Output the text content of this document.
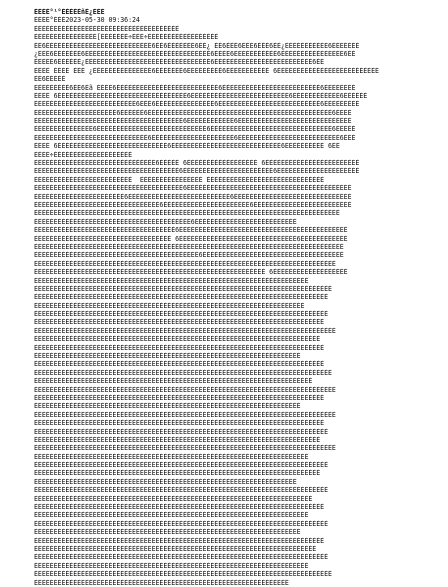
ÈÈÈÈ​°¹°ÈÈÈÈÈñÈ¿ÈÈÈ
ÈÈÈÈ​°ÈÈÈ2023-05-30 09:36:24
ÈÈÈÈÈÈÈÈÈÈÈÈÈÈÈÈÈÈÈÈÈÈÈÈÈÈÈÈÈÈÈÈÈÈÈÈÈ
ÈÈÈÈÈÈÈÈÈÈÈÈÈÈÈÈ[ÈÈÈÈÈÈÈ÷ÈÈÈ÷ÈÈÈÈÈÈÈÈÈÈÈÈÈÈÈÈÈÈ
ÈÈ6ÈÈÈÈÈÈÈÈÈÈÈÈÈÈÈÈÈÈÈÈÈÈÈÈÈÈÈ6ÈÈ6ÈÈÈÈÈÈÈ6ÈÈ¿ ÈÈ6ÈÈÈ6ÈÈÈ6ÈÈÈ6ÈÈ¿ÈÈÈÈÈÈÈÈÈÈÈ6ÈÈÈÈÈÈÈ
¿ÈÈÈ6ÈÈÈÈÈÈÈ6ÈÈÈÈÈÈÈÈÈÈÈÈÈÈÈÈÈÈÈÈÈÈÈÈÈÈÈÈÈÈÈÈ6ÈÈÈÈ6ÈÈÈÈÈÈÈÈÈÈÈ6ÈÈÈÈÈÈÈÈÈÈÈÈÈÈÈÈ6ÈÈ
ÈÈÈÈÈ6ÈÈÈÈÈÈ¿ÈÈÈÈÈÈÈÈÈÈÈÈÈÈÈÈÈÈÈÈÈÈÈÈÈÈÈÈÈÈÈÈ6ÈÈÈÈÈÈÈÈÈÈÈÈÈÈÈÈÈÈÈÈÈÈÈÈÈ6ÈÈ
ÈÈÈÈ ÈÈÈÈ ÈÈÈ ¿ÈÈÈÈÈÈÈÈÈÈÈÈÈÈÈ6ÈÈÈÈÈÈÈ6ÈÈÈÈÈÈÈÈÈ6ÈÈÈÈÈÈÈÈÈÈÈ 6ÈÈÈÈÈÈÈÈÈÈÈÈÈÈÈÈÈÈÈÈÈÈÈÈÈÈ
ÈÈ6ÈÈÈÈÈ
ÈÈÈÈÈÈÈÈÈ6ÈÈ6Èã ÈÈÈÈ6ÈÈÈÈÈÈÈÈÈÈÈÈÈÈÈÈÈÈÈÈÈÈÈÈÈÈ6ÈÈÈÈÈÈÈÈÈÈÈÈÈÈÈÈÈÈÈÈÈÈÈÈÈ6ÈÈÈÈÈÈÈÈ
ÈÈÈÈ 6ÈÈÈÈÈÈÈÈÈÈÈÈÈÈÈÈÈÈÈÈÈÈÈÈÈÈÈÈÈÈÈÈÈ6ÈÈÈÈÈÈÈÈÈÈÈÈÈÈÈÈÈÈÈÈÈÈÈÈÈ6ÈÈÈÈÈÈÈÈÈÈÈÈ6ÈÈÈÈÈÈ
ÈÈÈÈÈÈÈÈÈÈÈÈÈÈÈÈÈÈÈÈÈÈÈÈÈÈ6ÈÈÈ6ÈÈÈÈÈÈÈÈÈÈÈÈÈÈÈ6ÈÈÈÈÈÈÈÈÈÈÈÈÈÈÈÈÈÈÈÈÈÈÈÈÈÈ6ÈÈÈÈÈÈÈÈÈ
ÈÈÈÈÈÈÈÈÈÈÈÈÈÈÈÈÈÈÈÈÈ6ÈÈÈÈÈÈ6ÈÈÈÈÈÈÈÈÈÈÈÈÈÈÈÈÈÈÈÈÈÈÈÈÈÈÈÈÈÈÈÈÈÈÈÈÈÈÈÈÈÈÈÈÈÈÈ6ÈÈÈÈ
ÈÈÈÈÈÈÈÈÈÈÈÈÈÈÈÈÈÈÈÈÈÈÈÈÈÈÈÈÈÈÈÈÈÈÈÈÈÈ6ÈÈÈÈÈÈÈÈÈÈÈÈ6ÈÈÈÈÈÈÈÈÈÈÈÈÈÈÈÈÈÈÈÈÈÈÈÈÈÈÈÈÈ
ÈÈÈÈÈÈÈÈÈÈÈÈÈÈÈ6ÈÈÈÈÈÈÈÈÈÈÈÈÈÈÈÈÈÈÈÈÈÈÈÈÈÈÈÈ6ÈÈÈÈÈÈÈÈÈÈÈÈÈÈÈÈÈÈÈÈÈÈÈÈÈÈÈÈÈÈÈ6ÈÈÈÈÈ
ÈÈÈÈÈÈÈÈÈÈÈÈÈÈÈÈÈÈÈÈÈÈÈÈÈÈÈÈÈ6ÈÈÈÈÈÈÈÈÈÈÈÈÈÈÈÈÈÈÈÈÈ6ÈÈÈÈÈÈÈÈÈÈÈÈÈÈÈÈÈÈÈÈÈÈÈÈÈÈ6ÈÈÈ
ÈÈÈÈ 6ÈÈÈÈÈÈÈÈÈÈÈÈÈÈÈÈÈÈÈÈÈÈÈÈÈÈÈÈ6ÈÈÈÈÈÈÈÈÈÈÈÈÈÈÈÈÈÈÈÈÈÈÈÈÈÈÈÈ6ÈÈÈÈÈÈÈÈÈÈ 6ÈÈ
ÈÈÈÈ÷ÈÈÈÈÈÈÈÈÈÈÈÈÈÈÈÈÈÈÈÈ
ÈÈÈÈÈÈÈÈÈÈÈÈÈÈÈÈÈÈÈÈÈÈÈÈÈÈÈÈÈÈÈ6ÈÈÈÈÈ 6ÈÈÈÈÈÈÈÈÈÈÈÈÈÈÈÈÈÈ 6ÈÈÈÈÈÈÈÈÈÈÈÈÈÈÈÈÈÈÈÈÈÈÈÈ
ÈÈÈÈÈÈÈÈÈÈÈÈÈÈÈÈÈÈÈÈÈÈÈÈÈÈÈÈÈÈÈÈÈÈÈÈÈ6ÈÈÈÈÈÈÈÈÈÈÈÈÈÈÈÈÈÈÈÈÈÈÈ6ÈÈÈÈÈÈÈÈÈÈÈÈÈÈÈÈÈÈÈÈÈ
ÈÈÈÈÈÈÈÈÈÈÈÈÈÈÈÈÈÈÈÈÈÈÈÈÈ  ÈÈÈÈÈÈÈÈÈÈÈÈÈÈÈÈ ÈÈÈÈÈÈÈÈÈÈÈÈÈÈÈÈÈÈÈÈÈÈÈÈÈÈÈÈÈÈ
ÈÈÈÈÈÈÈÈÈÈÈÈÈÈÈÈÈÈÈÈÈÈÈÈÈÈÈÈÈÈÈÈÈÈÈÈÈÈ6ÈÈÈÈÈÈÈÈÈÈÈÈÈÈÈÈÈÈÈÈÈÈÈÈÈÈÈÈÈÈÈÈÈÈÈÈÈÈÈÈÈÈ
ÈÈÈÈÈÈÈÈÈÈÈÈÈÈÈÈÈÈÈÈÈÈÈ6ÈÈÈÈÈÈÈÈÈÈÈÈÈÈÈÈÈÈÈÈÈÈÈÈÈÈ6ÈÈÈÈÈÈÈÈÈÈÈÈÈÈÈÈÈÈÈÈÈÈÈÈÈÈÈÈÈÈ
ÈÈÈÈÈÈÈÈÈÈÈÈÈÈÈÈÈÈÈÈÈÈÈÈÈÈÈÈÈÈÈÈ6ÈÈÈÈÈÈÈÈÈÈÈÈÈÈÈÈÈÈÈÈÈÈ6ÈÈÈÈÈÈÈÈÈÈÈÈÈÈÈÈÈÈÈÈÈÈÈÈÈ
ÈÈÈÈÈÈÈÈÈÈÈÈÈÈÈÈÈÈÈÈÈÈÈÈÈÈÈÈÈÈÈÈÈÈÈÈÈÈÈÈÈÈÈÈÈÈÈÈÈÈÈÈÈÈÈÈÈÈÈÈÈÈÈÈÈÈÈÈÈÈÈÈÈÈÈÈÈÈ
ÈÈÈÈÈÈÈÈÈÈÈÈÈÈÈÈÈÈÈÈÈÈÈÈÈÈÈÈÈÈÈÈÈÈÈÈÈÈÈÈ6ÈÈÈÈÈÈÈÈÈÈÈÈÈÈÈÈÈÈÈÈÈÈÈÈÈÈ
ÈÈÈÈÈÈÈÈÈÈÈÈÈÈÈÈÈÈÈÈÈÈÈÈÈÈÈÈÈÈÈÈÈÈÈÈ6ÈÈÈÈÈÈÈÈÈÈÈÈÈÈÈÈÈÈÈÈÈÈÈÈÈÈÈÈÈÈÈÈÈÈÈÈÈÈÈÈÈÈÈ
ÈÈÈÈÈÈÈÈÈÈÈÈÈÈÈÈÈÈÈÈÈÈÈÈÈÈÈÈÈÈÈÈÈÈÈ 6ÈÈÈÈÈÈÈÈÈÈÈÈÈÈÈÈÈÈÈÈÈÈÈÈÈÈÈÈÈÈ6ÈÈÈÈÈÈÈÈÈÈÈÈ
ÈÈÈÈÈÈÈÈÈÈÈÈÈÈÈÈÈÈÈÈÈÈÈÈÈÈÈÈÈÈÈÈÈÈÈÈÈÈÈÈÈÈÈÈÈÈÈÈÈÈÈÈÈÈÈÈÈÈÈÈÈÈÈÈÈÈÈÈÈÈÈÈÈÈÈÈÈÈÈ
ÈÈÈÈÈÈÈÈÈÈÈÈÈÈÈÈÈÈÈÈÈÈÈÈÈÈÈÈÈÈÈÈÈÈÈÈÈÈÈÈÈÈ6ÈÈÈÈÈÈÈÈÈÈÈÈÈÈÈÈÈÈÈÈÈÈÈÈÈÈÈÈÈÈÈÈÈÈÈÈ
ÈÈÈÈÈÈÈÈÈÈÈÈÈÈÈÈÈÈÈÈÈÈÈÈÈÈÈÈÈÈÈÈÈÈÈÈÈÈÈÈÈÈÈÈÈÈÈÈÈÈÈÈÈÈÈÈÈÈÈÈÈÈÈÈÈÈÈÈÈÈÈÈÈÈÈÈÈ
ÈÈÈÈÈÈÈÈÈÈÈÈÈÈÈÈÈÈÈÈÈÈÈÈÈÈÈÈÈÈÈÈÈÈÈÈÈÈÈÈÈÈÈÈÈÈÈÈÈÈÈÈÈÈÈÈÈÈÈ 6ÈÈÈÈÈÈÈÈÈÈÈÈÈÈÈÈÈÈÈ
ÈÈÈÈÈÈÈÈÈÈÈÈÈÈÈÈÈÈÈÈÈÈÈÈÈÈÈÈÈÈÈÈÈÈÈÈÈÈÈÈÈÈÈÈÈÈÈÈÈÈÈÈÈÈÈÈÈÈÈÈÈÈÈÈÈÈÈÈÈÈ
ÈÈÈÈÈÈÈÈÈÈÈÈÈÈÈÈÈÈÈÈÈÈÈÈÈÈÈÈÈÈÈÈÈÈÈÈÈÈÈÈÈÈÈÈÈÈÈÈÈÈÈÈÈÈÈÈÈÈÈÈÈÈÈÈÈÈÈÈÈÈÈÈÈÈÈÈ
ÈÈÈÈÈÈÈÈÈÈÈÈÈÈÈÈÈÈÈÈÈÈÈÈÈÈÈÈÈÈÈÈÈÈÈÈÈÈÈÈÈÈÈÈÈÈÈÈÈÈÈÈÈÈÈÈÈÈÈÈÈÈÈÈÈÈÈÈÈÈÈÈÈÈÈ
ÈÈÈÈÈÈÈÈÈÈÈÈÈÈÈÈÈÈÈÈÈÈÈÈÈÈÈÈÈÈÈÈÈÈÈÈÈÈÈÈÈÈÈÈÈÈÈÈÈÈÈÈÈÈÈÈÈÈÈÈÈÈÈÈÈÈÈÈÈ
ÈÈÈÈÈÈÈÈÈÈÈÈÈÈÈÈÈÈÈÈÈÈÈÈÈÈÈÈÈÈÈÈÈÈÈÈÈÈÈÈÈÈÈÈÈÈÈÈÈÈÈÈÈÈÈÈÈÈÈÈÈÈÈÈÈÈÈÈÈÈÈÈÈÈÈ
ÈÈÈÈÈÈÈÈÈÈÈÈÈÈÈÈÈÈÈÈÈÈÈÈÈÈÈÈÈÈÈÈÈÈÈÈÈÈÈÈÈÈÈÈÈÈÈÈÈÈÈÈÈÈÈÈÈÈÈÈÈÈÈÈÈÈÈÈÈÈÈÈÈÈ
ÈÈÈÈÈÈÈÈÈÈÈÈÈÈÈÈÈÈÈÈÈÈÈÈÈÈÈÈÈÈÈÈÈÈÈÈÈÈÈÈÈÈÈÈÈÈÈÈÈÈÈÈÈÈÈÈÈÈÈÈÈÈÈÈÈÈÈÈÈÈÈÈÈÈÈÈÈ
ÈÈÈÈÈÈÈÈÈÈÈÈÈÈÈÈÈÈÈÈÈÈÈÈÈÈÈÈÈÈÈÈÈÈÈÈÈÈÈÈÈÈÈÈÈÈÈÈÈÈÈÈÈÈÈÈÈÈÈÈÈÈÈÈÈÈÈÈÈÈÈÈÈ
ÈÈÈÈÈÈÈÈÈÈÈÈÈÈÈÈÈÈÈÈÈÈÈÈÈÈÈÈÈÈÈÈÈÈÈÈÈÈÈÈÈÈÈÈÈÈÈÈÈÈÈÈÈÈÈÈÈÈÈÈÈÈÈÈÈÈÈÈÈÈÈÈÈÈ
ÈÈÈÈÈÈÈÈÈÈÈÈÈÈÈÈÈÈÈÈÈÈÈÈÈÈÈÈÈÈÈÈÈÈÈÈÈÈÈÈÈÈÈÈÈÈÈÈÈÈÈÈÈÈÈÈÈÈÈÈÈÈÈÈÈÈÈÈ
ÈÈÈÈÈÈÈÈÈÈÈÈÈÈÈÈÈÈÈÈÈÈÈÈÈÈÈÈÈÈÈÈÈÈÈÈÈÈÈÈÈÈÈÈÈÈÈÈÈÈÈÈÈÈÈÈÈÈÈÈÈÈÈÈÈÈÈÈÈÈÈÈÈÈ
ÈÈÈÈÈÈÈÈÈÈÈÈÈÈÈÈÈÈÈÈÈÈÈÈÈÈÈÈÈÈÈÈÈÈÈÈÈÈÈÈÈÈÈÈÈÈÈÈÈÈÈÈÈÈÈÈÈÈÈÈÈÈÈÈÈÈÈÈÈÈÈÈÈÈÈÈ
ÈÈÈÈÈÈÈÈÈÈÈÈÈÈÈÈÈÈÈÈÈÈÈÈÈÈÈÈÈÈÈÈÈÈÈÈÈÈÈÈÈÈÈÈÈÈÈÈÈÈÈÈÈÈÈÈÈÈÈÈÈÈÈÈÈÈÈÈÈÈÈ
ÈÈÈÈÈÈÈÈÈÈÈÈÈÈÈÈÈÈÈÈÈÈÈÈÈÈÈÈÈÈÈÈÈÈÈÈÈÈÈÈÈÈÈÈÈÈÈÈÈÈÈÈÈÈÈÈÈÈÈÈÈÈÈÈÈÈÈÈÈÈÈÈÈÈÈÈÈ
ÈÈÈÈÈÈÈÈÈÈÈÈÈÈÈÈÈÈÈÈÈÈÈÈÈÈÈÈÈÈÈÈÈÈÈÈÈÈÈÈÈÈÈÈÈÈÈÈÈÈÈÈÈÈÈÈÈÈÈÈÈÈÈÈÈÈÈÈÈÈÈÈÈÈ
ÈÈÈÈÈÈÈÈÈÈÈÈÈÈÈÈÈÈÈÈÈÈÈÈÈÈÈÈÈÈÈÈÈÈÈÈÈÈÈÈÈÈÈÈÈÈÈÈÈÈÈÈÈÈÈÈÈÈÈÈÈÈÈÈÈÈÈÈ
ÈÈÈÈÈÈÈÈÈÈÈÈÈÈÈÈÈÈÈÈÈÈÈÈÈÈÈÈÈÈÈÈÈÈÈÈÈÈÈÈÈÈÈÈÈÈÈÈÈÈÈÈÈÈÈÈÈÈÈÈÈÈÈÈÈÈÈÈÈÈÈÈÈÈÈÈÈ
ÈÈÈÈÈÈÈÈÈÈÈÈÈÈÈÈÈÈÈÈÈÈÈÈÈÈÈÈÈÈÈÈÈÈÈÈÈÈÈÈÈÈÈÈÈÈÈÈÈÈÈÈÈÈÈÈÈÈÈÈÈÈÈÈÈÈÈÈÈÈÈÈÈÈ
ÈÈÈÈÈÈÈÈÈÈÈÈÈÈÈÈÈÈÈÈÈÈÈÈÈÈÈÈÈÈÈÈÈÈÈÈÈÈÈÈÈÈÈÈÈÈÈÈÈÈÈÈÈÈÈÈÈÈÈÈÈÈÈÈÈÈÈÈÈÈÈÈÈÈÈ
ÈÈÈÈÈÈÈÈÈÈÈÈÈÈÈÈÈÈÈÈÈÈÈÈÈÈÈÈÈÈÈÈÈÈÈÈÈÈÈÈÈÈÈÈÈÈÈÈÈÈÈÈÈÈÈÈÈÈÈÈÈÈÈÈÈÈÈÈÈÈÈÈÈ
ÈÈÈÈÈÈÈÈÈÈÈÈÈÈÈÈÈÈÈÈÈÈÈÈÈÈÈÈÈÈÈÈÈÈÈÈÈÈÈÈÈÈÈÈÈÈÈÈÈÈÈÈÈÈÈÈÈÈÈÈÈÈÈÈÈÈÈÈÈÈÈÈÈÈÈÈÈ
ÈÈÈÈÈÈÈÈÈÈÈÈÈÈÈÈÈÈÈÈÈÈÈÈÈÈÈÈÈÈÈÈÈÈÈÈÈÈÈÈÈÈÈÈÈÈÈÈÈÈÈÈÈÈÈÈÈÈÈÈÈÈÈÈÈÈÈÈÈÈ
ÈÈÈÈÈÈÈÈÈÈÈÈÈÈÈÈÈÈÈÈÈÈÈÈÈÈÈÈÈÈÈÈÈÈÈÈÈÈÈÈÈÈÈÈÈÈÈÈÈÈÈÈÈÈÈÈÈÈÈÈÈÈÈÈÈÈÈÈÈÈÈÈÈÈÈ
ÈÈÈÈÈÈÈÈÈÈÈÈÈÈÈÈÈÈÈÈÈÈÈÈÈÈÈÈÈÈÈÈÈÈÈÈÈÈÈÈÈÈÈÈÈÈÈÈÈÈÈÈÈÈÈÈÈÈÈÈÈÈÈÈÈÈÈÈÈÈÈÈÈ
ÈÈÈÈÈÈÈÈÈÈÈÈÈÈÈÈÈÈÈÈÈÈÈÈÈÈÈÈÈÈÈÈÈÈÈÈÈÈÈÈÈÈÈÈÈÈÈÈÈÈÈÈÈÈÈÈÈÈÈÈÈÈÈÈÈÈÈ
ÈÈÈÈÈÈÈÈÈÈÈÈÈÈÈÈÈÈÈÈÈÈÈÈÈÈÈÈÈÈÈÈÈÈÈÈÈÈÈÈÈÈÈÈÈÈÈÈÈÈÈÈÈÈÈÈÈÈÈÈÈÈÈÈÈÈÈÈÈÈÈÈÈÈÈ
ÈÈÈÈÈÈÈÈÈÈÈÈÈÈÈÈÈÈÈÈÈÈÈÈÈÈÈÈÈÈÈÈÈÈÈÈÈÈÈÈÈÈÈÈÈÈÈÈÈÈÈÈÈÈÈÈÈÈÈÈÈÈÈÈÈÈÈÈÈÈÈ
ÈÈÈÈÈÈÈÈÈÈÈÈÈÈÈÈÈÈÈÈÈÈÈÈÈÈÈÈÈÈÈÈÈÈÈÈÈÈÈÈÈÈÈÈÈÈÈÈÈÈÈÈÈÈÈÈÈÈÈÈÈÈÈÈÈÈÈÈÈÈÈÈÈÈ
ÈÈÈÈÈÈÈÈÈÈÈÈÈÈÈÈÈÈÈÈÈÈÈÈÈÈÈÈÈÈÈÈÈÈÈÈÈÈÈÈÈÈÈÈÈÈÈÈÈÈÈÈÈÈÈÈÈÈÈÈÈÈÈÈÈÈÈÈÈÈ
ÈÈÈÈÈÈÈÈÈÈÈÈÈÈÈÈÈÈÈÈÈÈÈÈÈÈÈÈÈÈÈÈÈÈÈÈÈÈÈÈÈÈÈÈÈÈÈÈÈÈÈÈÈÈÈÈÈÈÈÈÈÈÈÈÈÈÈÈÈÈÈÈÈÈÈ
ÈÈÈÈÈÈÈÈÈÈÈÈÈÈÈÈÈÈÈÈÈÈÈÈÈÈÈÈÈÈÈÈÈÈÈÈÈÈÈÈÈÈÈÈÈÈÈÈÈÈÈÈÈÈÈÈÈÈÈÈÈÈÈÈÈÈÈÈ
ÈÈÈÈÈÈÈÈÈÈÈÈÈÈÈÈÈÈÈÈÈÈÈÈÈÈÈÈÈÈÈÈÈÈÈÈÈÈÈÈÈÈÈÈÈÈÈÈÈÈÈÈÈÈÈÈÈÈÈÈÈÈÈÈÈÈÈÈÈÈÈÈÈÈ
ÈÈÈÈÈÈÈÈÈÈÈÈÈÈÈÈÈÈÈÈÈÈÈÈÈÈÈÈÈÈÈÈÈÈÈÈÈÈÈÈÈÈÈÈÈÈÈÈÈÈÈÈÈÈÈÈÈÈÈÈÈÈÈÈÈÈÈÈÈÈÈÈ
ÈÈÈÈÈÈÈÈÈÈÈÈÈÈÈÈÈÈÈÈÈÈÈÈÈÈÈÈÈÈÈÈÈÈÈÈÈÈÈÈÈÈÈÈÈÈÈÈÈÈÈÈÈÈÈÈÈÈÈÈÈÈÈÈÈÈÈÈÈÈÈÈÈÈÈ
ÈÈÈÈÈÈÈÈÈÈÈÈÈÈÈÈÈÈÈÈÈÈÈÈÈÈÈÈÈÈÈÈÈÈÈÈÈÈÈÈÈÈÈÈÈÈÈÈÈÈÈÈÈÈÈÈÈÈÈÈÈÈÈÈÈÈÈÈÈÈ
ÈÈÈÈÈÈÈÈÈÈÈÈÈÈÈÈÈÈÈÈÈÈÈÈÈÈÈÈÈÈÈÈÈÈÈÈÈÈÈÈÈÈÈÈÈÈÈÈÈÈÈÈÈÈÈÈÈÈÈÈÈÈÈÈÈÈÈÈÈÈÈÈÈÈÈÈ
ÈÈÈÈÈÈÈÈÈÈÈÈÈÈÈÈÈÈÈÈÈÈÈÈÈÈÈÈÈÈÈÈÈÈÈÈÈÈÈÈÈÈÈÈÈÈÈÈÈÈÈÈÈÈÈÈÈÈÈÈÈÈÈÈÈ
